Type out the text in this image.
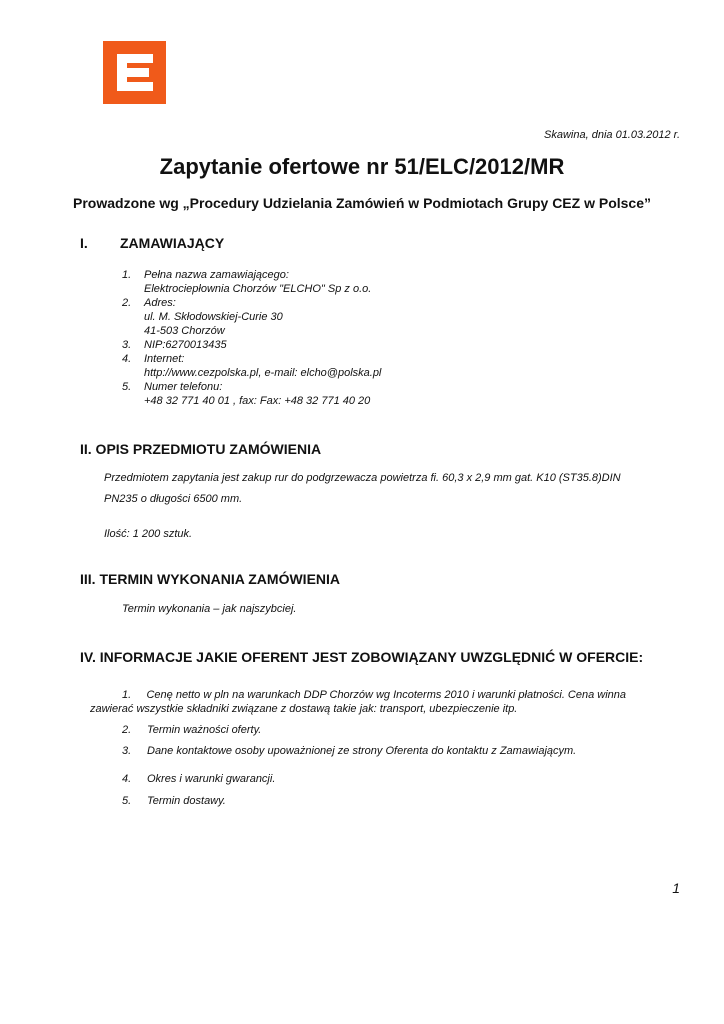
Skawina, dnia 01.03.2012 r.
Zapytanie ofertowe nr 51/ELC/2012/MR
Prowadzone wg „Procedury Udzielania Zamówień w Podmiotach Grupy CEZ w Polsce”
I. ZAMAWIAJĄCY
1. Pełna nazwa zamawiającego:
Elektrociepłownia Chorzów "ELCHO" Sp z o.o.
2. Adres:
ul. M. Skłodowskiej-Curie 30
41-503 Chorzów
3. NIP:6270013435
4. Internet:
http://www.cezpolska.pl, e-mail: elcho@polska.pl
5. Numer telefonu:
+48 32 771 40 01 , fax: Fax: +48 32 771 40 20
II. OPIS PRZEDMIOTU ZAMÓWIENIA
Przedmiotem zapytania jest zakup rur do podgrzewacza powietrza fi. 60,3 x 2,9 mm gat. K10 (ST35.8)DIN
PN235 o długości 6500 mm.
Ilość: 1 200 sztuk.
III. TERMIN WYKONANIA ZAMÓWIENIA
Termin wykonania – jak najszybciej.
IV. INFORMACJE JAKIE OFERENT JEST ZOBOWIĄZANY UWZGLĘDNIĆ W OFERCIE:
1. Cenę netto w pln na warunkach DDP Chorzów wg Incoterms 2010 i warunki płatności. Cena winna
zawierać wszystkie składniki związane z dostawą takie jak: transport, ubezpieczenie itp.
2. Termin ważności oferty.
3. Dane kontaktowe osoby upoważnionej ze strony Oferenta do kontaktu z Zamawiającym.
4. Okres i warunki gwarancji.
5. Termin dostawy.
1
